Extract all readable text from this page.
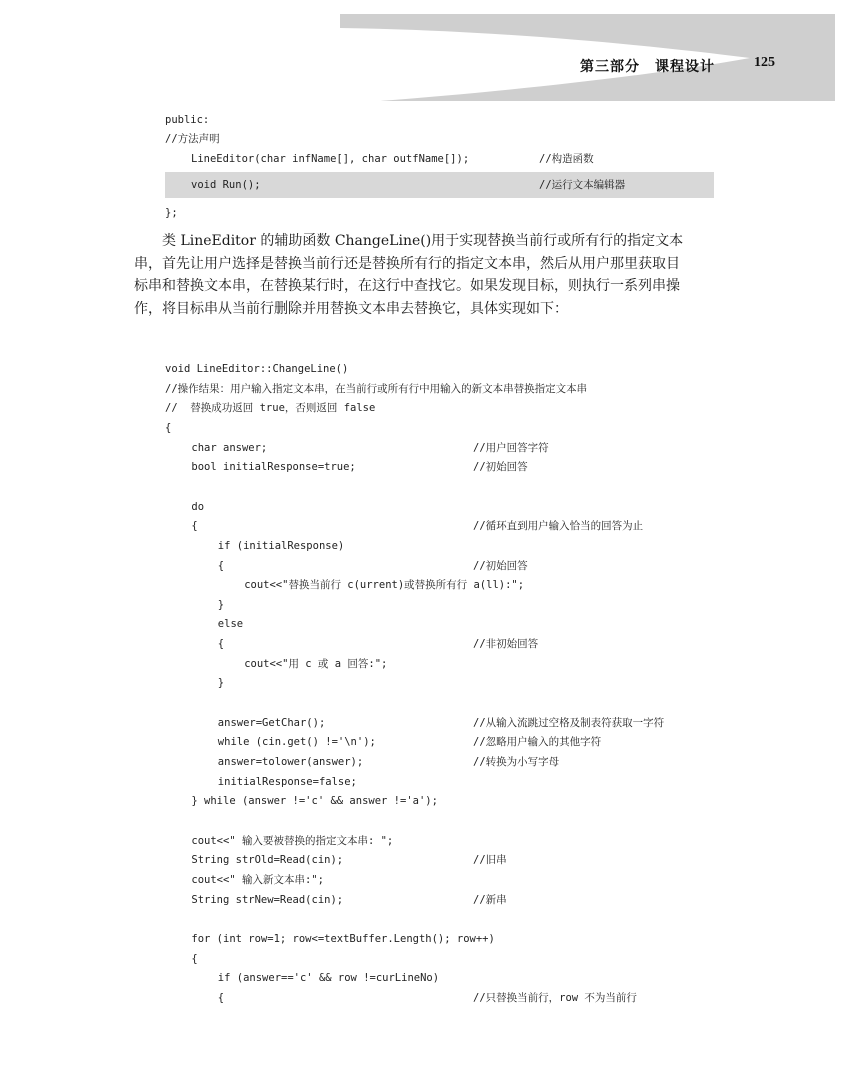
第三部分　课程设计	125
public:
//方法声明
LineEditor(char infName[], char outfName[]);	//构造函数
void Run();	//运行文本编辑器
};
类 LineEditor 的辅助函数 ChangeLine()用于实现替换当前行或所有行的指定文本
串，首先让用户选择是替换当前行还是替换所有行的指定文本串，然后从用户那里获取目
标串和替换文本串，在替换某行时，在这行中查找它。如果发现目标，则执行一系列串操
作，将目标串从当前行删除并用替换文本串去替换它，具体实现如下：
void LineEditor::ChangeLine()
//操作结果：用户输入指定文本串，在当前行或所有行中用输入的新文本串替换指定文本串
//  替换成功返回 true，否则返回 false
{
char answer;	//用户回答字符
bool initialResponse=true;	//初始回答
do
{	//循环直到用户输入恰当的回答为止
if (initialResponse)
{	//初始回答
cout<<"替换当前行 c(urrent)或替换所有行 a(ll):";
}
else
{	//非初始回答
cout<<"用 c 或 a 回答:";
}
answer=GetChar();	//从输入流跳过空格及制表符获取一字符
while (cin.get() !='\n');	//忽略用户输入的其他字符
answer=tolower(answer);	//转换为小写字母
initialResponse=false;
} while (answer !='c' && answer !='a');
cout<<" 输入要被替换的指定文本串: ";
String strOld=Read(cin);	//旧串
cout<<" 输入新文本串:";
String strNew=Read(cin);	//新串
for (int row=1; row<=textBuffer.Length(); row++)
{
if (answer=='c' && row !=curLineNo)
{	//只替换当前行，row 不为当前行
